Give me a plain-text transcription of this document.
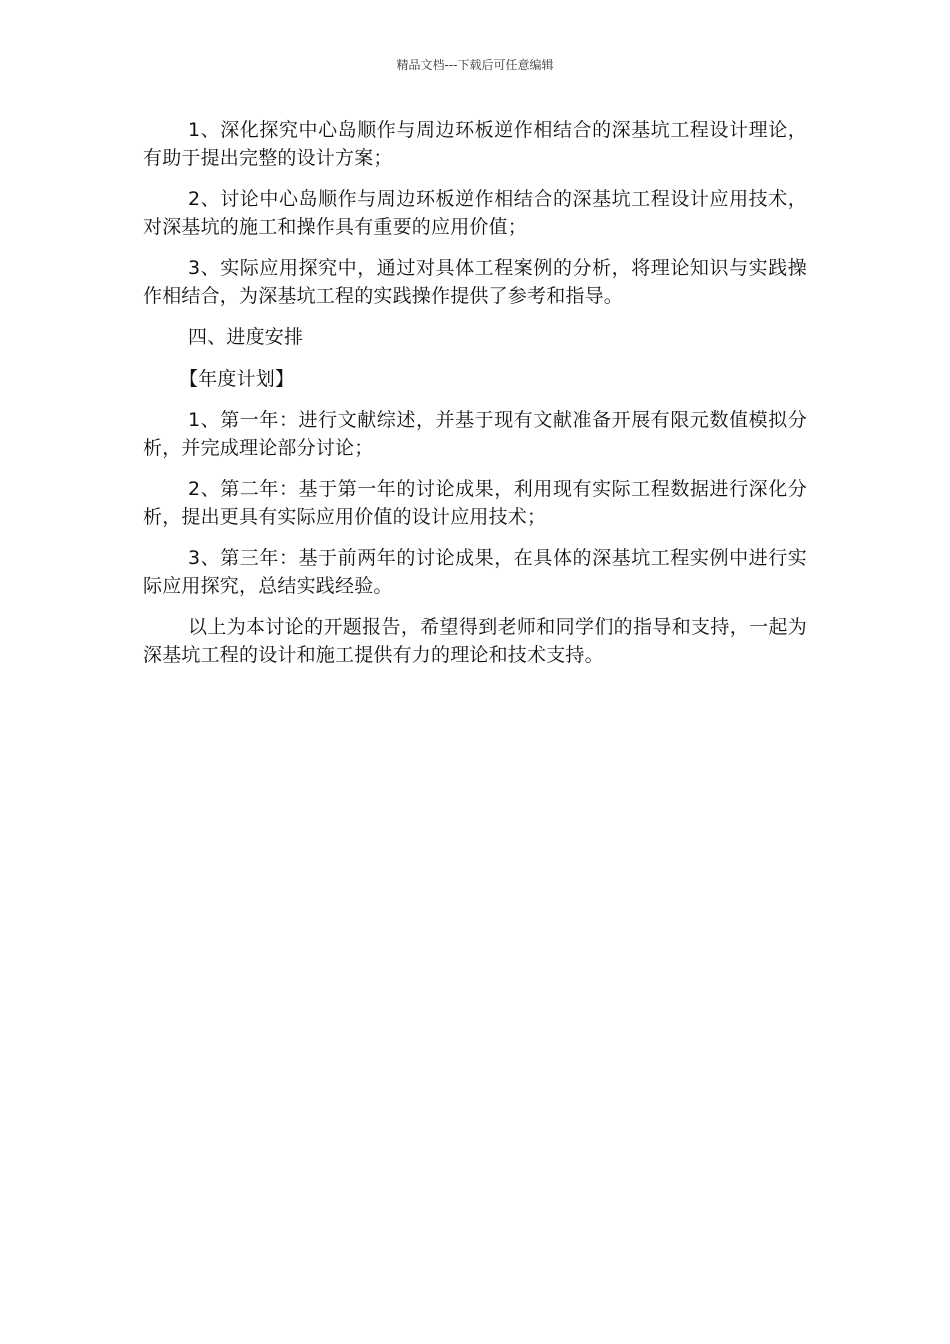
精品文档---下载后可任意编辑

1、深化探究中心岛顺作与周边环板逆作相结合的深基坑工程设计理论，有助于提出完整的设计方案；

2、讨论中心岛顺作与周边环板逆作相结合的深基坑工程设计应用技术，对深基坑的施工和操作具有重要的应用价值；

3、实际应用探究中，通过对具体工程案例的分析，将理论知识与实践操作相结合，为深基坑工程的实践操作提供了参考和指导。

四、进度安排

【年度计划】

1、第一年：进行文献综述，并基于现有文献准备开展有限元数值模拟分析，并完成理论部分讨论；

2、第二年：基于第一年的讨论成果，利用现有实际工程数据进行深化分析，提出更具有实际应用价值的设计应用技术；

3、第三年：基于前两年的讨论成果，在具体的深基坑工程实例中进行实际应用探究，总结实践经验。

以上为本讨论的开题报告，希望得到老师和同学们的指导和支持，一起为深基坑工程的设计和施工提供有力的理论和技术支持。
